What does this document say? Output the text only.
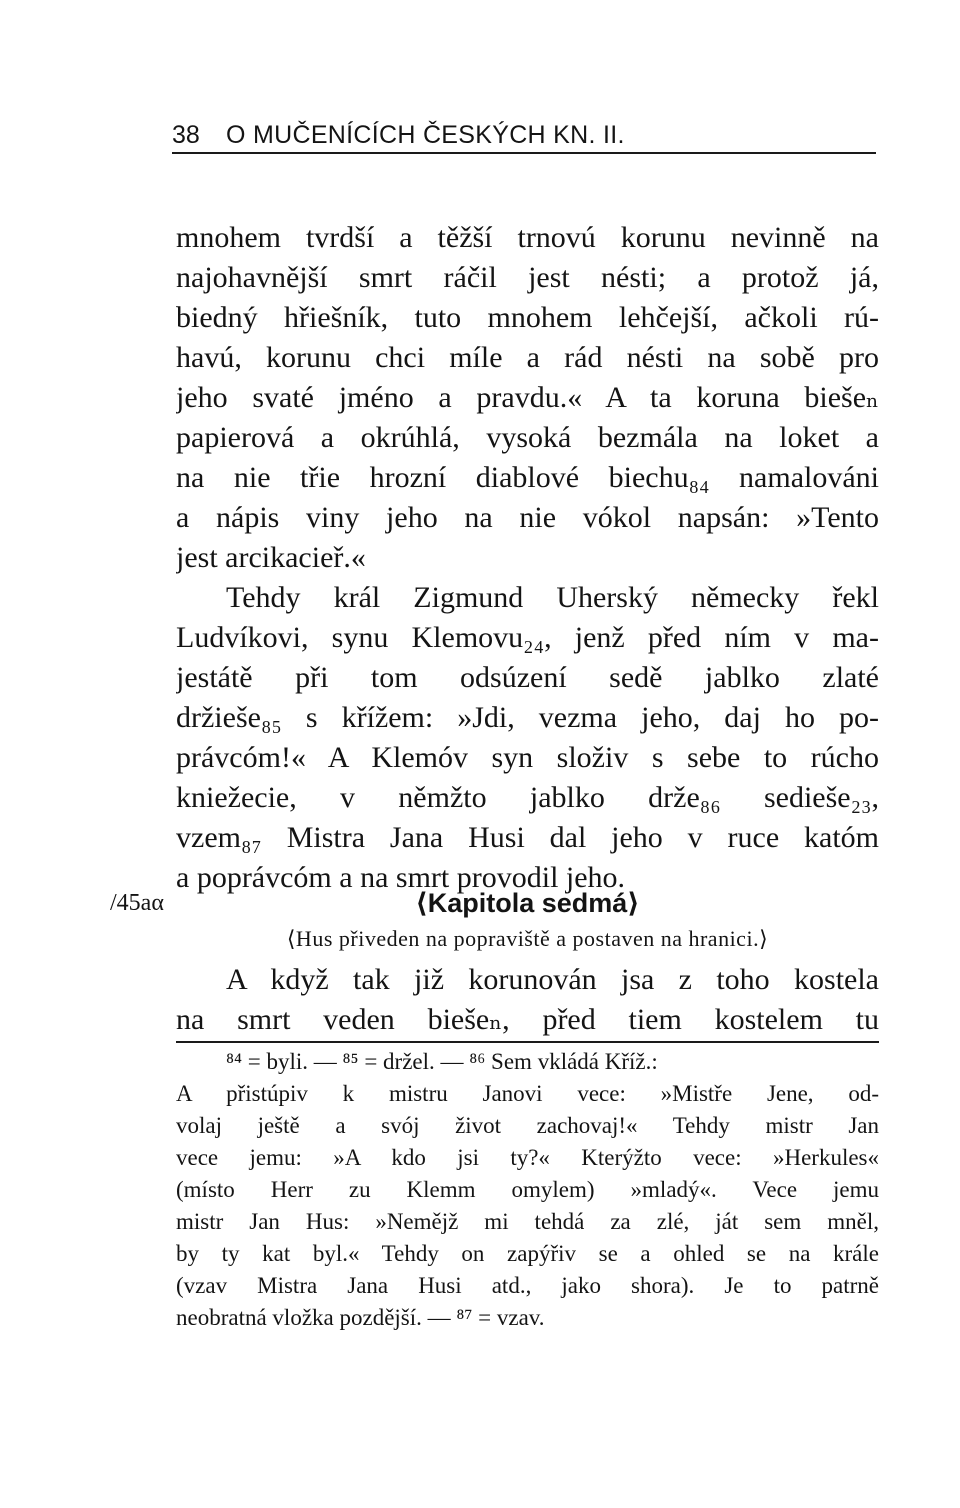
38 O MUČENÍCÍCH ČESKÝCH KN. II.
mnohem tvrdší a těžší trnovú korunu nevinně na
najohavnější smrt ráčil jest nésti; a protož já,
biedný hřiešník, tuto mnohem lehčejší, ačkoli rú-
havú, korunu chci míle a rád nésti na sobě pro
jeho svaté jméno a pravdu.« A ta koruna biešeₙ
papierová a okrúhlá, vysoká bezmála na loket a
na nie třie hrozní diablové biechu₈₄ namalováni
a nápis viny jeho na nie vókol napsán: »Tento
jest arcikacieř.«
Tehdy král Zigmund Uherský německy řekl
Ludvíkovi, synu Klemovu₂₄, jenž před ním v ma-
jestátě při tom odsúzení sedě jablko zlaté
držieše₈₅ s křížem: »Jdi, vezma jeho, daj ho po-
právcóm!« A Klemóv syn složiv s sebe to rúcho
kniežecie, v němžto jablko drže₈₆ sedieše₂₃,
vzem₈₇ Mistra Jana Husi dal jeho v ruce katóm
a poprávcóm a na smrt provodil jeho.
/45aα	⟨Kapitola sedmá⟩
⟨Hus přiveden na popraviště a postaven na hranici.⟩
A když tak již korunován jsa z toho kostela
na smrt veden biešeₙ, před tiem kostelem tu
⁸⁴ = byli. — ⁸⁵ = držel. — ⁸⁶ Sem vkládá Kříž.:
A přistúpiv k mistru Janovi vece: »Mistře Jene, od-
volaj ještě a svój život zachovaj!« Tehdy mistr Jan
vece jemu: »A kdo jsi ty?« Kterýžto vece: »Herkules«
(místo Herr zu Klemm omylem) »mladý«. Vece jemu
mistr Jan Hus: »Nemějž mi tehdá za zlé, ját sem mněl,
by ty kat byl.« Tehdy on zapýřiv se a ohled se na krále
(vzav Mistra Jana Husi atd., jako shora). Je to patrně
neobratná vložka pozdější. — ⁸⁷ = vzav.
